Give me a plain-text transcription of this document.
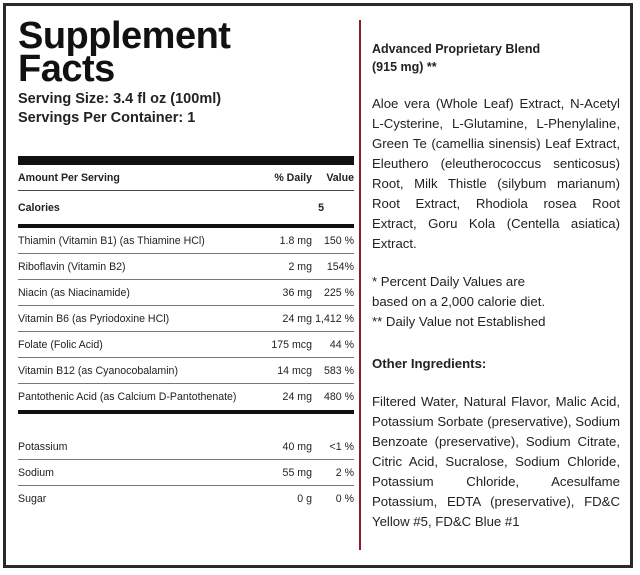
Supplement
Facts
Serving Size: 3.4 fl oz (100ml)
Servings Per Container: 1
Amount Per Serving	% Daily	Value
Calories	5
Thiamin (Vitamin B1) (as Thiamine HCl)	1.8 mg	150 %
Riboflavin (Vitamin B2)	2 mg	154%
Niacin (as Niacinamide)	36 mg	225 %
Vitamin B6 (as Pyriodoxine HCl)	24 mg 1,412 %
Folate (Folic Acid)	175 mcg	44 %
Vitamin B12 (as Cyanocobalamin)	14 mcg	583 %
Pantothenic Acid (as Calcium D-Pantothenate)	24 mg	480 %
Potassium	40 mg	<1 %
Sodium	55 mg	2 %
Sugar	0 g	0 %
Advanced Proprietary Blend
(915 mg) **
Aloe vera (Whole Leaf) Extract, N-Acetyl L-Cysterine, L-Glutamine, L-Phenylaline, Green Te (camellia sinensis) Leaf Extract, Eleuthero (eleutherococcus senticosus) Root, Milk Thistle (silybum marianum) Root Extract, Rhodiola rosea Root Extract, Goru Kola (Centella asiatica) Extract.
* Percent Daily Values are
based on a 2,000 calorie diet.
** Daily Value not Established
Other Ingredients:
Filtered Water, Natural Flavor, Malic Acid, Potassium Sorbate (preservative), Sodium Benzoate (preservative), Sodium Citrate, Citric Acid, Sucralose, Sodium Chloride, Potassium Chloride, Acesulfame Potassium, EDTA (preservative), FD&C Yellow #5, FD&C Blue #1
